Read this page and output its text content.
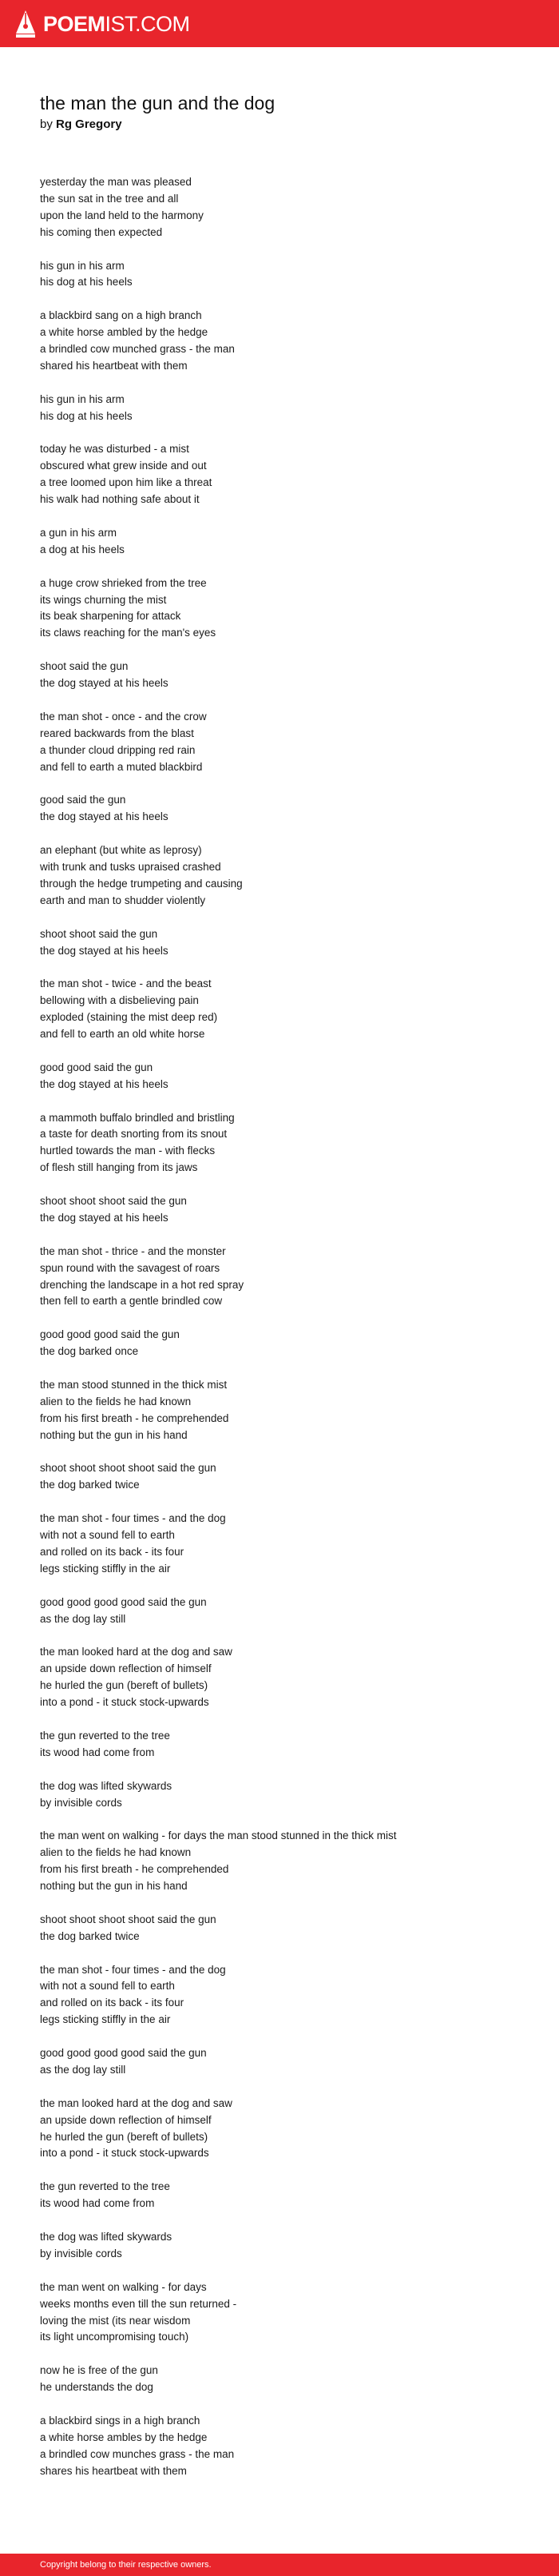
POEMIST.COM
the man the gun and the dog
by Rg Gregory
yesterday the man was pleased
the sun sat in the tree and all
upon the land held to the harmony
his coming then expected
his gun in his arm
his dog at his heels
a blackbird sang on a high branch
a white horse ambled by the hedge
a brindled cow munched grass - the man
shared his heartbeat with them
his gun in his arm
his dog at his heels
today he was disturbed - a mist
obscured what grew inside and out
a tree loomed upon him like a threat
his walk had nothing safe about it
a gun in his arm
a dog at his heels
a huge crow shrieked from the tree
its wings churning the mist
its beak sharpening for attack
its claws reaching for the man's eyes
shoot said the gun
the dog stayed at his heels
the man shot - once - and the crow
reared backwards from the blast
a thunder cloud dripping red rain
and fell to earth a muted blackbird
good said the gun
the dog stayed at his heels
an elephant (but white as leprosy)
with trunk and tusks upraised crashed
through the hedge trumpeting and causing
earth and man to shudder violently
shoot shoot said the gun
the dog stayed at his heels
the man shot - twice - and the beast
bellowing with a disbelieving pain
exploded (staining the mist deep red)
and fell to earth an old white horse
good good said the gun
the dog stayed at his heels
a mammoth buffalo brindled and bristling
a taste for death snorting from its snout
hurtled towards the man - with flecks
of flesh still hanging from its jaws
shoot shoot shoot said the gun
the dog stayed at his heels
the man shot - thrice - and the monster
spun round with the savagest of roars
drenching the landscape in a hot red spray
then fell to earth a gentle brindled cow
good good good said the gun
the dog barked once
the man stood stunned in the thick mist
alien to the fields he had known
from his first breath - he comprehended
nothing but the gun in his hand
shoot shoot shoot shoot said the gun
the dog barked twice
the man shot - four times - and the dog
with not a sound fell to earth
and rolled on its back - its four
legs sticking stiffly in the air
good good good good said the gun
as the dog lay still
the man looked hard at the dog and saw
an upside down reflection of himself
he hurled the gun (bereft of bullets)
into a pond - it stuck stock-upwards
the gun reverted to the tree
its wood had come from
the dog was lifted skywards
by invisible cords
the man went on walking - for days the man stood stunned in the thick mist
alien to the fields he had known
from his first breath - he comprehended
nothing but the gun in his hand
shoot shoot shoot shoot said the gun
the dog barked twice
the man shot - four times - and the dog
with not a sound fell to earth
and rolled on its back - its four
legs sticking stiffly in the air
good good good good said the gun
as the dog lay still
the man looked hard at the dog and saw
an upside down reflection of himself
he hurled the gun (bereft of bullets)
into a pond - it stuck stock-upwards
the gun reverted to the tree
its wood had come from
the dog was lifted skywards
by invisible cords
the man went on walking - for days
weeks months even till the sun returned -
loving the mist (its near wisdom
its light uncompromising touch)
now he is free of the gun
he understands the dog
a blackbird sings in a high branch
a white horse ambles by the hedge
a brindled cow munches grass - the man
shares his heartbeat with them
Copyright belong to their respective owners.
